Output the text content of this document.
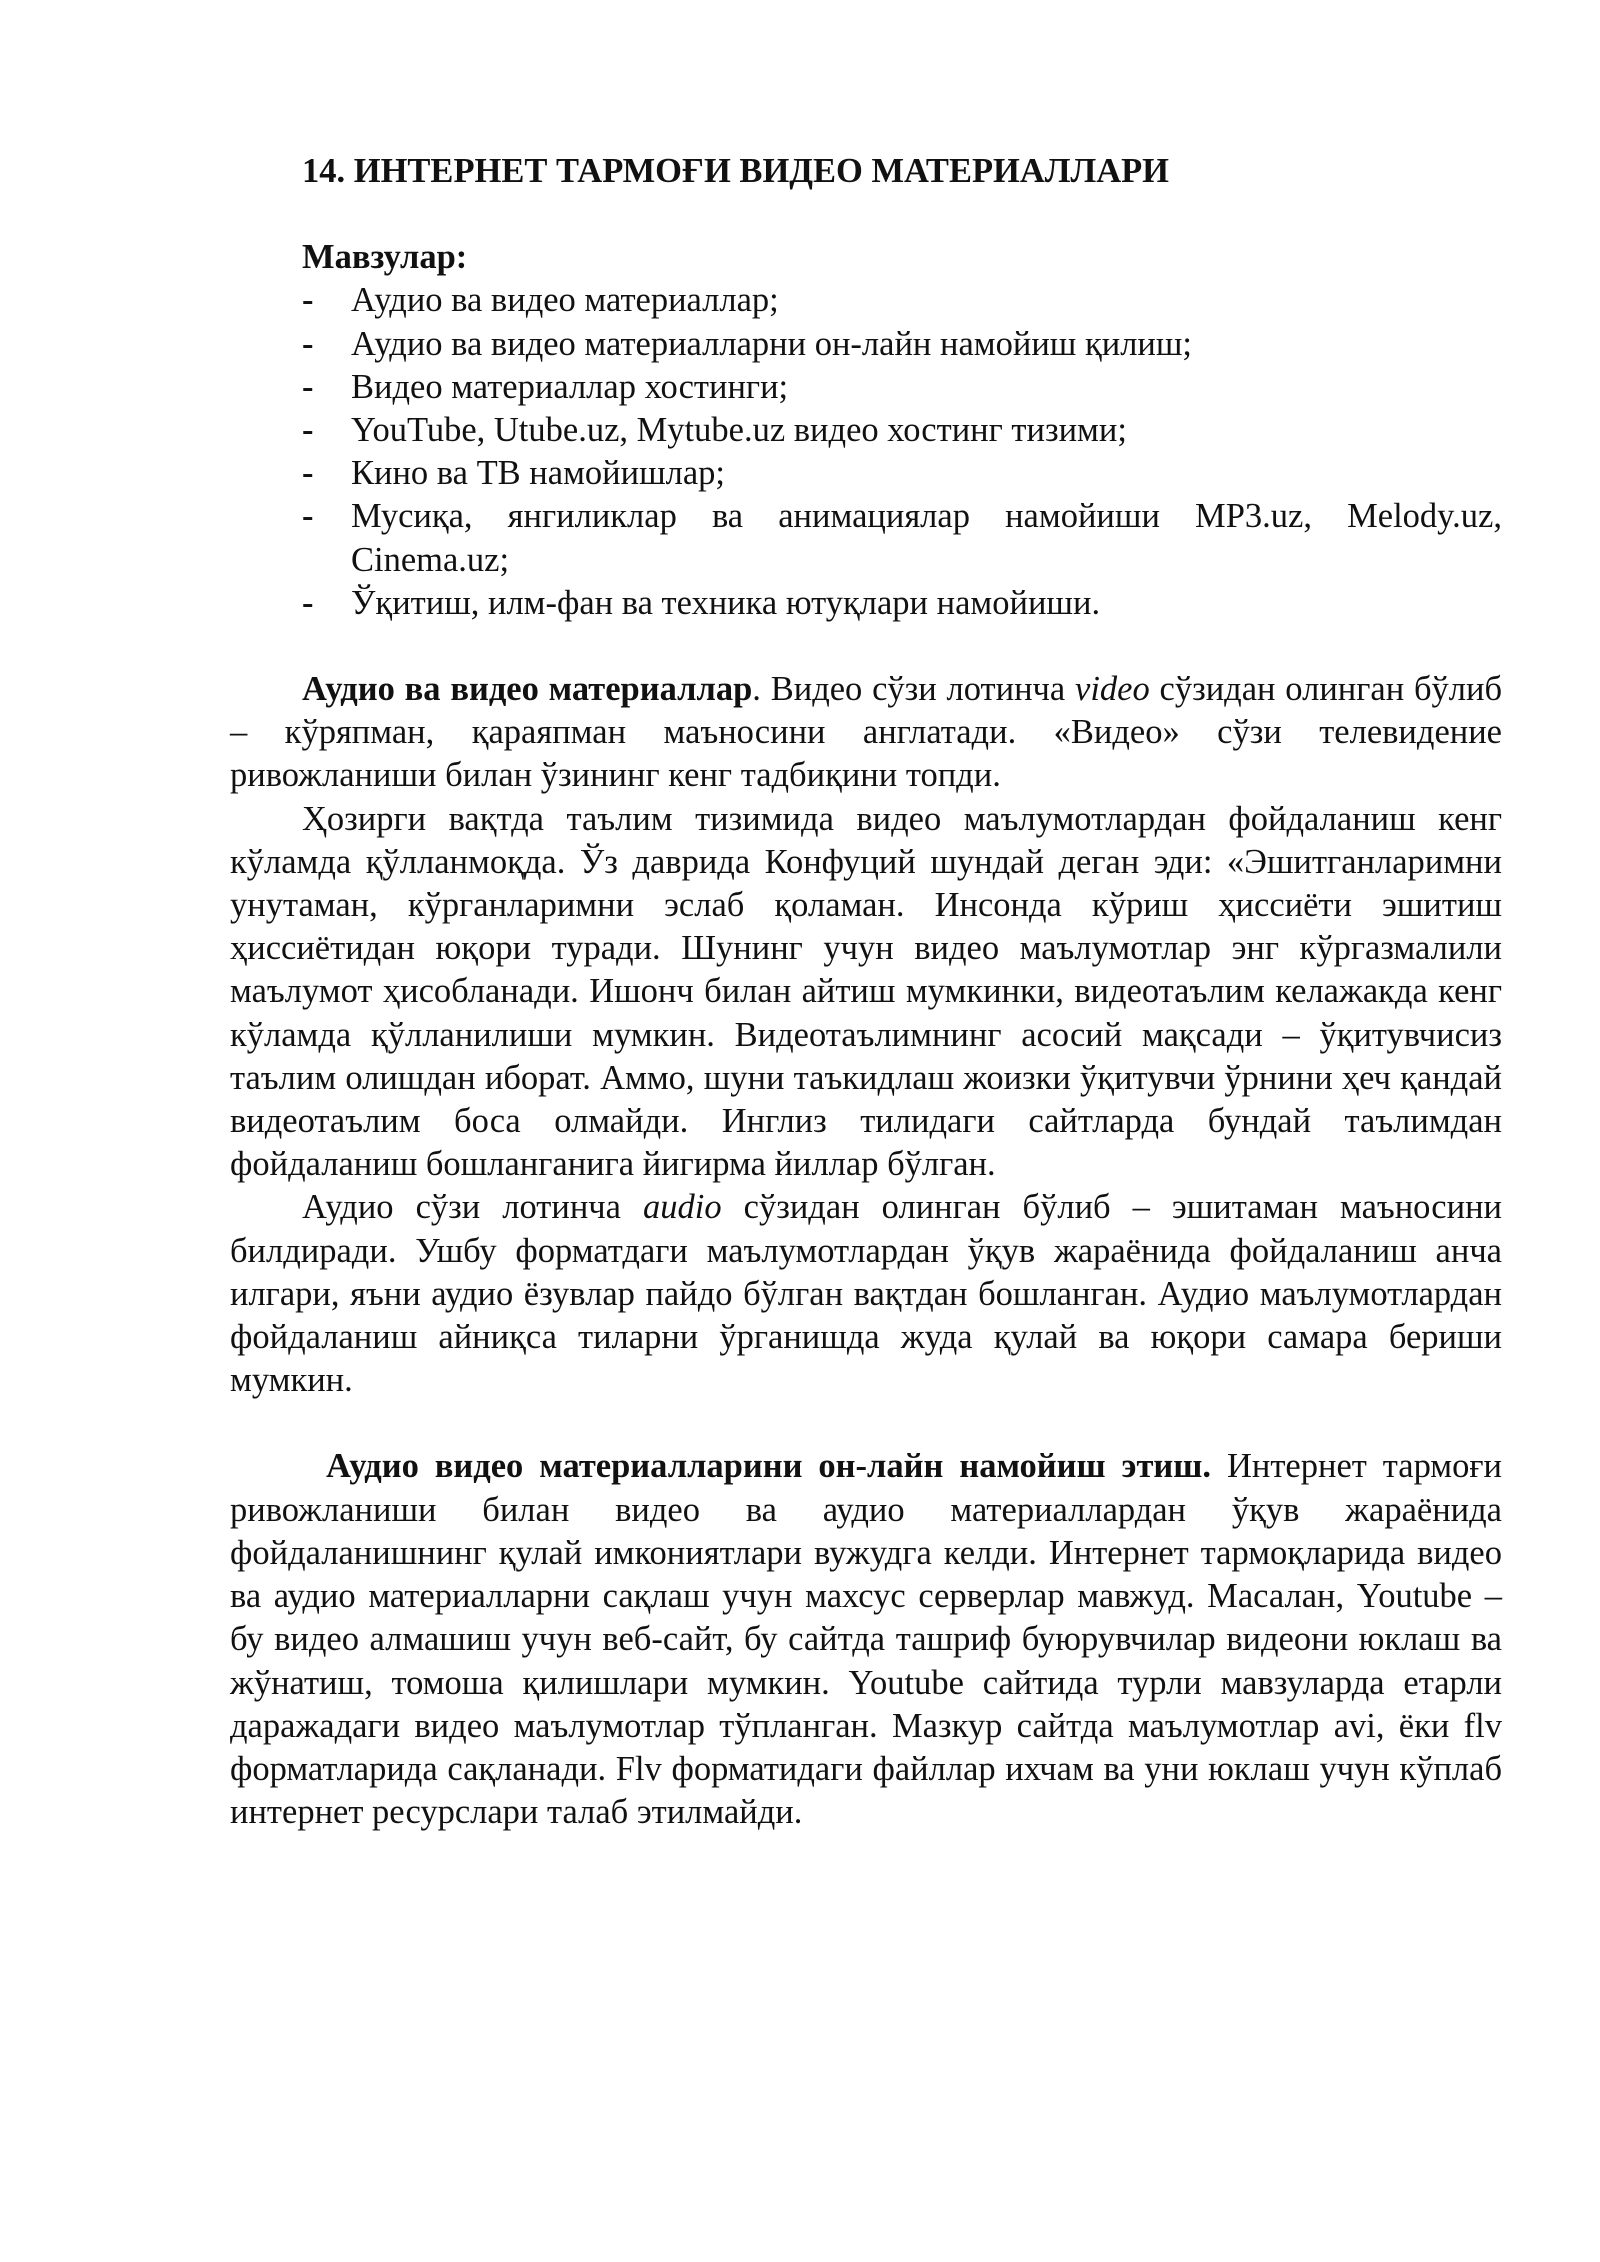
14. ИНТЕРНЕТ ТАРМОҒИ ВИДЕО МАТЕРИАЛЛАРИ
Мавзулар:
- Аудио ва видео материаллар;
- Аудио ва видео материалларни он-лайн намойиш қилиш;
- Видео материаллар хостинги;
- YouTube, Utube.uz, Mytube.uz видео хостинг тизими;
- Кино ва ТВ намойишлар;
- Мусиқа, янгиликлар ва анимациялар намойиши MP3.uz, Melody.uz, Cinema.uz;
- Ўқитиш, илм-фан ва техника ютуқлари намойиши.

Аудио ва видео материаллар. Видео сўзи лотинча video сўзидан олинган бўлиб – кўряпман, қараяпман маъносини англатади. «Видео» сўзи телевидение ривожланиши билан ўзининг кенг тадбиқини топди.

Ҳозирги вақтда таълим тизимида видео маълумотлардан фойдаланиш кенг кўламда қўлланмоқда. Ўз даврида Конфуций шундай деган эди: «Эшитганларимни унутаман, кўрганларимни эслаб қоламан. Инсонда кўриш ҳиссиёти эшитиш ҳиссиётидан юқори туради. Шунинг учун видео маълумотлар энг кўргазмалили маълумот ҳисобланади. Ишонч билан айтиш мумкинки, видеотаълим келажакда кенг кўламда қўлланилиши мумкин. Видеотаълимнинг асосий мақсади – ўқитувчисиз таълим олишдан иборат. Аммо, шуни таъкидлаш жоизки ўқитувчи ўрнини ҳеч қандай видеотаълим боса олмайди. Инглиз тилидаги сайтларда бундай таълимдан фойдаланиш бошланганига йигирма йиллар бўлган.

Аудио сўзи лотинча audio сўзидан олинган бўлиб – эшитаман маъносини билдиради. Ушбу форматдаги маълумотлардан ўқув жараёнида фойдаланиш анча илгари, яъни аудио ёзувлар пайдо бўлган вақтдан бошланган. Аудио маълумотлардан фойдаланиш айниқса тиларни ўрганишда жуда қулай ва юқори самара бериши мумкин.

Аудио видео материалларини он-лайн намойиш этиш. Интернет тармоғи ривожланиши билан видео ва аудио материаллардан ўқув жараёнида фойдаланишнинг қулай имкониятлари вужудга келди. Интернет тармоқларида видео ва аудио материалларни сақлаш учун махсус серверлар мавжуд. Масалан, Youtube – бу видео алмашиш учун веб-сайт, бу сайтда ташриф буюрувчилар видеони юклаш ва жўнатиш, томоша қилишлари мумкин. Youtube сайтида турли мавзуларда етарли даражадаги видео маълумотлар тўпланган. Мазкур сайтда маълумотлар avi, ёки flv форматларида сақланади. Flv форматидаги файллар ихчам ва уни юклаш учун кўплаб интернет ресурслари талаб этилмайди.
